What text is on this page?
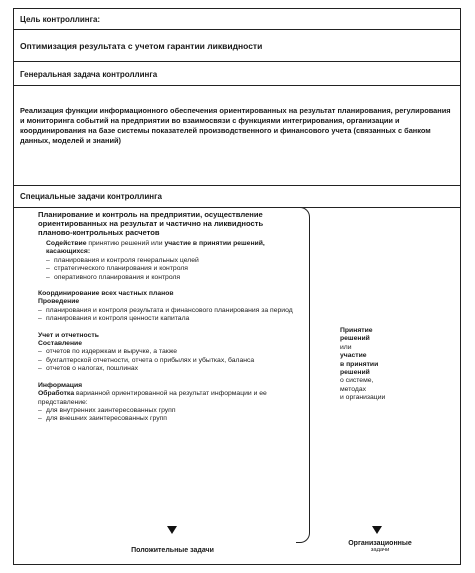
Цель контроллинга:
Оптимизация результата с учетом гарантии ликвидности
Генеральная задача контроллинга
Реализация функции информационного обеспечения ориентированных на результат планирования, регулирования и мониторинга событий на предприятии во взаимосвязи с функциями интегрирования, организации и координирования на базе системы показателей производственного и финансового учета (связанных с банком данных, моделей и знаний)
Специальные задачи контроллинга
Планирование и контроль на предприятии, осуществление ориентированных на результат и частично на ликвидность планово-контрольных расчетов
Содействие принятию решений или участие в принятии решений, касающихся:
– планирования и контроля генеральных целей
– стратегического планирования и контроля
– оперативного планирования и контроля
Координирование всех частных планов
Проведение
– планирования и контроля результата и финансового планирования за период
– планирования и контроля ценности капитала
Учет и отчетность
Составление
– отчетов по издержкам и выручке, а также
– бухгалтерской отчетности, отчета о прибылях и убытках, баланса
– отчетов о налогах, пошлинах
Информация
Обработка варианной ориентированной на результат информации и ее представление:
– для внутренних заинтересованных групп
– для внешних заинтересованных групп
Принятие
решений
или
участие
в принятии
решений
о системе,
методах
и организации
Положительные задачи
Организационные
задачи
